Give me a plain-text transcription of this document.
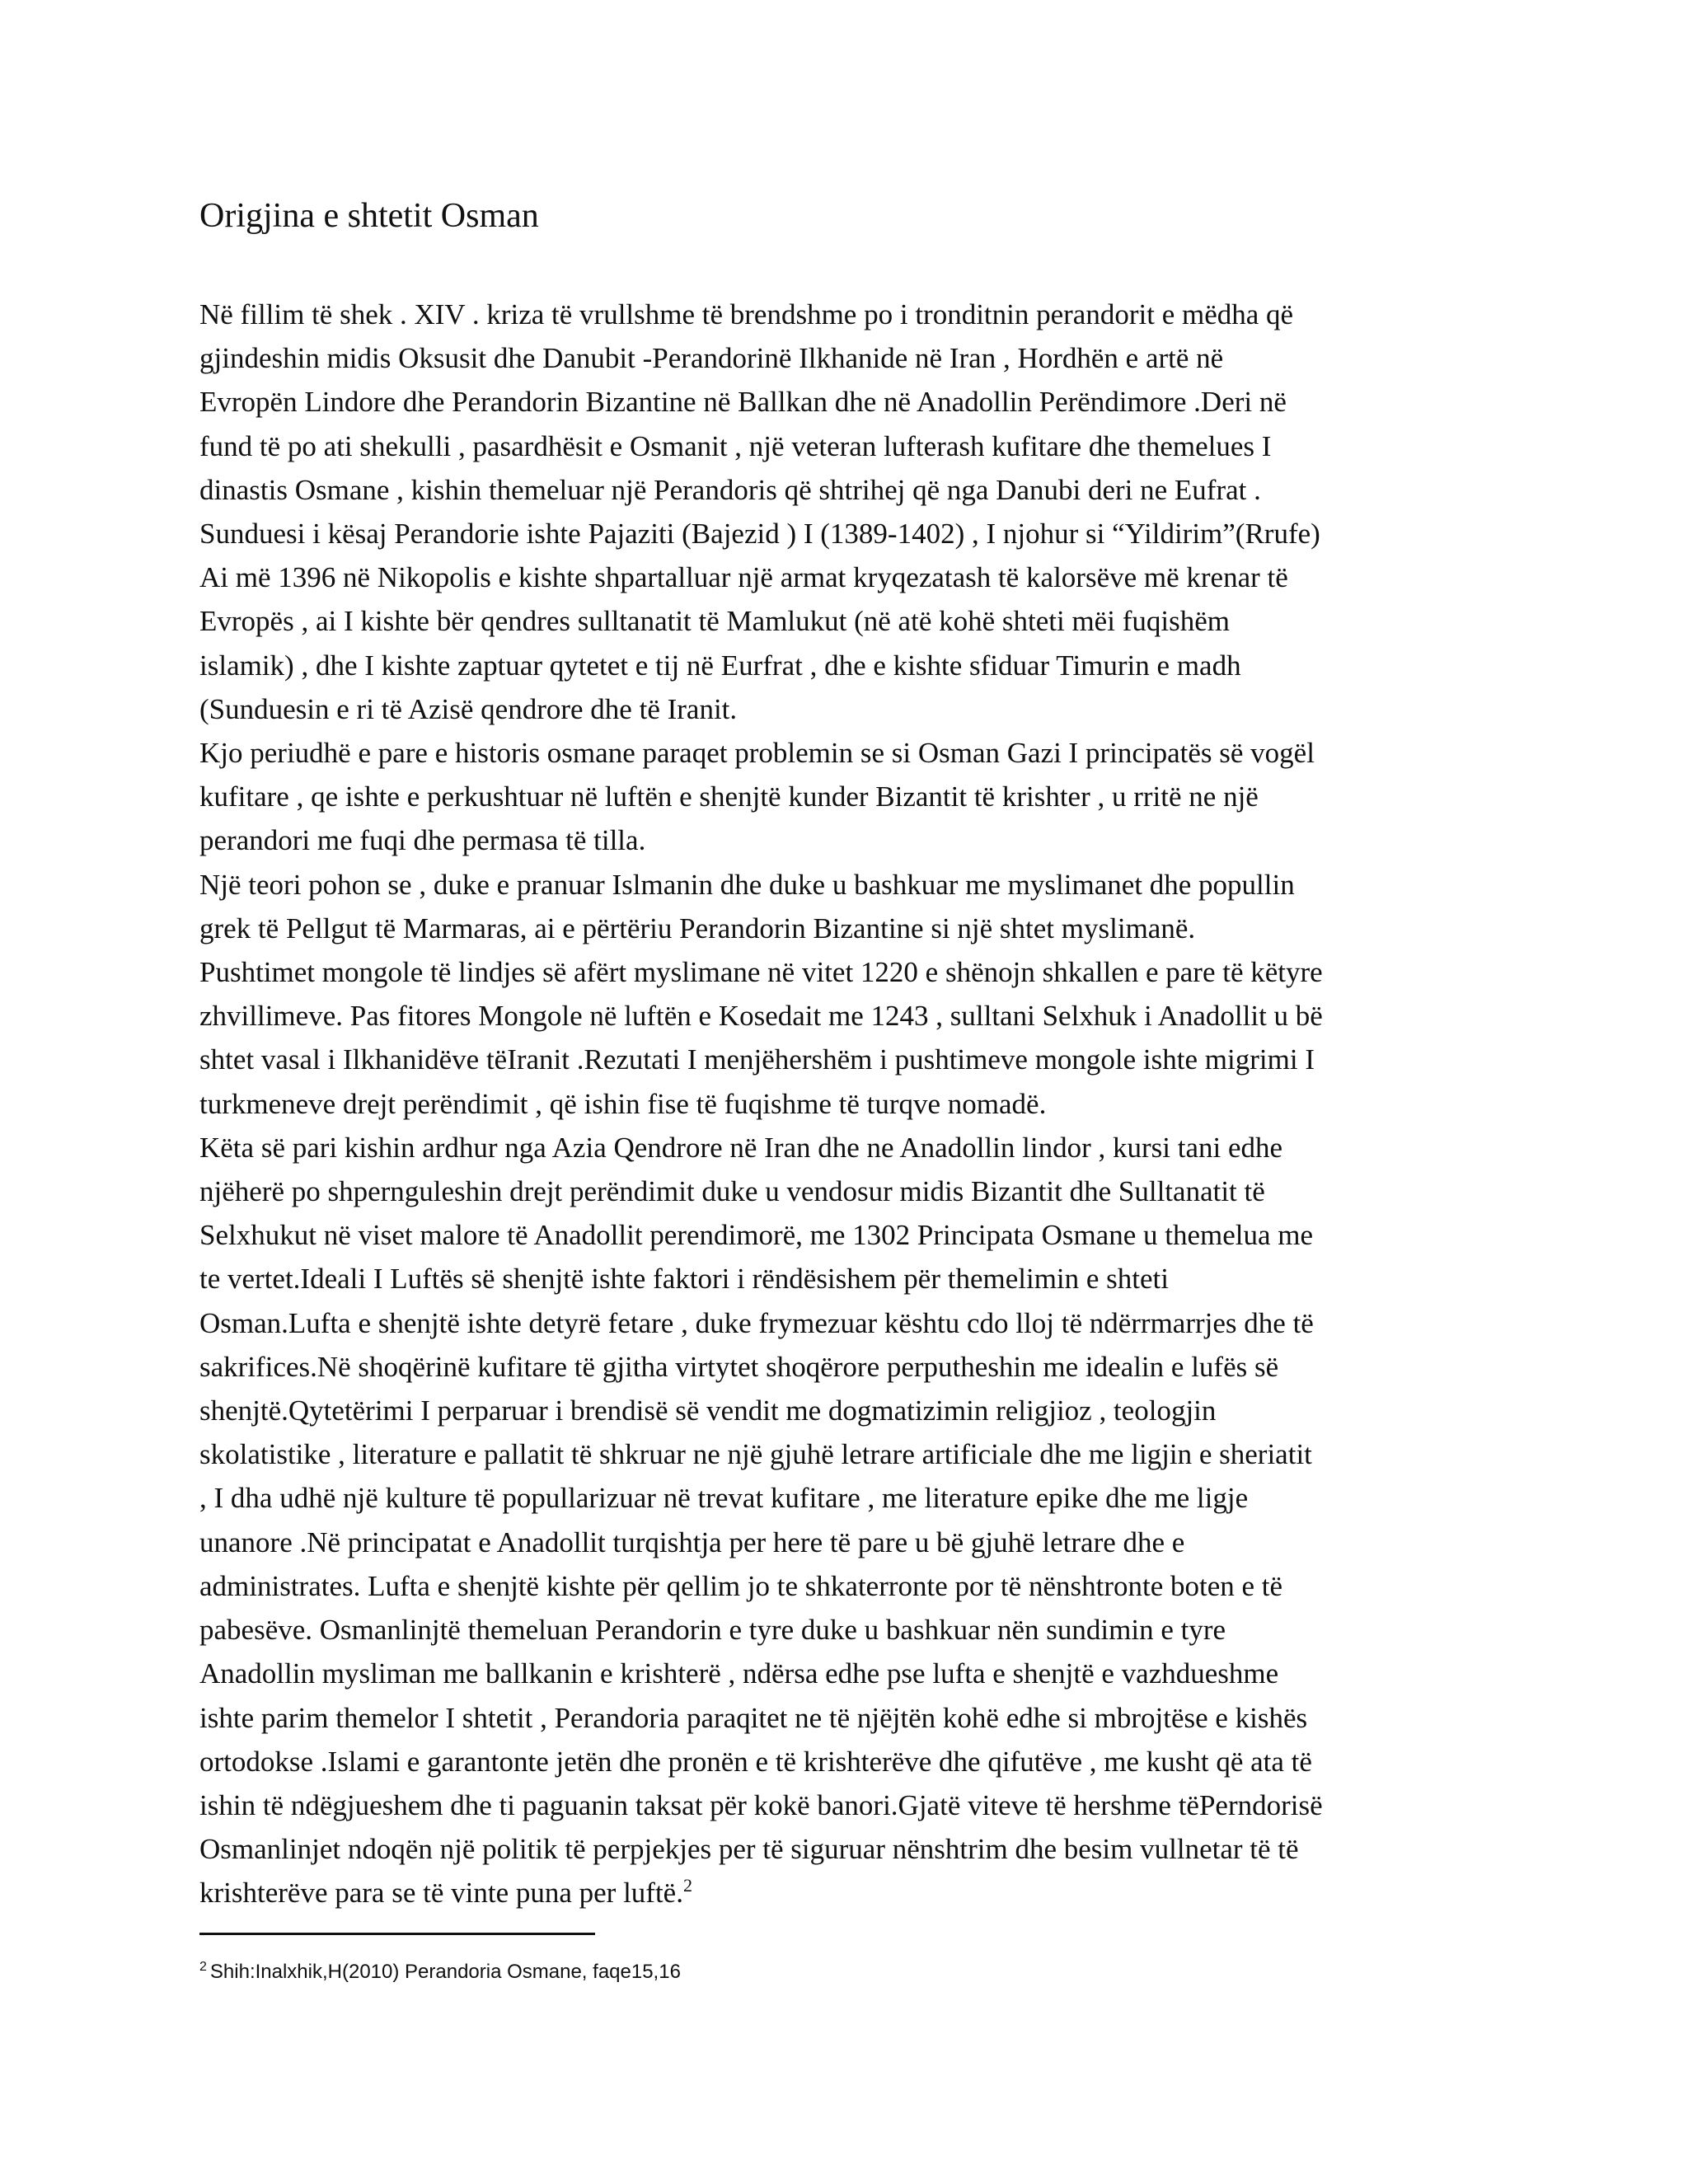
Origjina e shtetit Osman
Në fillim të shek . XIV . kriza të vrullshme të brendshme po i tronditnin perandorit e mëdha që
gjindeshin midis Oksusit dhe Danubit -Perandorinë Ilkhanide në Iran , Hordhën e artë në
Evropën Lindore dhe Perandorin Bizantine në Ballkan dhe në Anadollin Perëndimore .Deri në
fund të po ati shekulli , pasardhësit e Osmanit , një veteran lufterash kufitare dhe themelues I
dinastis Osmane , kishin themeluar një Perandoris që shtrihej që nga Danubi deri ne Eufrat .
Sunduesi i kësaj Perandorie ishte Pajaziti (Bajezid ) I (1389-1402) , I njohur si “Yildirim”(Rrufe)
Ai më 1396 në Nikopolis e kishte shpartalluar një armat kryqezatash të kalorsëve më krenar të
Evropës , ai I kishte bër qendres sulltanatit të Mamlukut (në atë kohë shteti mëi fuqishëm
islamik) , dhe I kishte zaptuar qytetet e tij në Eurfrat , dhe e kishte sfiduar Timurin e madh
(Sunduesin e ri të Azisë qendrore dhe të Iranit.
Kjo periudhë e pare e historis osmane paraqet problemin se si Osman Gazi I principatës së vogël
kufitare , qe ishte e perkushtuar në luftën e shenjtë kunder Bizantit të krishter , u rritë ne një
perandori me fuqi dhe permasa të tilla.
Një teori pohon se , duke e pranuar Islmanin dhe duke u bashkuar me myslimanet dhe popullin
grek të Pellgut të Marmaras, ai e përtëriu Perandorin Bizantine si një shtet myslimanë.
Pushtimet mongole të lindjes së afërt myslimane në vitet 1220 e shënojn shkallen e pare të këtyre
zhvillimeve. Pas fitores Mongole në luftën e Kosedait me 1243 , sulltani Selxhuk i Anadollit u bë
shtet vasal i Ilkhanidëve tëIranit .Rezutati I menjëhershëm i pushtimeve mongole ishte migrimi I
turkmeneve drejt perëndimit , që ishin fise të fuqishme të turqve nomadë.
Këta së pari kishin ardhur nga Azia Qendrore në Iran dhe ne Anadollin lindor , kursi tani edhe
njëherë po shpernguleshin drejt perëndimit duke u vendosur midis Bizantit dhe Sulltanatit të
Selxhukut në viset malore të Anadollit perendimorë, me 1302 Principata Osmane u themelua me
te vertet.Ideali I Luftës së shenjtë ishte faktori i rëndësishem për themelimin e shteti
Osman.Lufta e shenjtë ishte detyrë fetare , duke frymezuar kështu cdo lloj të ndërrmarrjes dhe të
sakrifices.Në shoqërinë kufitare të gjitha virtytet shoqërore perputheshin me idealin e lufës së
shenjtë.Qytetërimi I perparuar i brendisë së vendit me dogmatizimin religjioz , teologjin
skolatistike , literature e pallatit të shkruar ne një gjuhë letrare artificiale dhe me ligjin e sheriatit
, I dha udhë një kulture të popullarizuar në trevat kufitare , me literature epike dhe me ligje
unanore .Në principatat e Anadollit turqishtja per here të pare u bë gjuhë letrare dhe e
administrates. Lufta e shenjtë kishte për qellim jo te shkaterronte por të nënshtronte boten e të
pabesëve. Osmanlinjtë themeluan Perandorin e tyre duke u bashkuar nën sundimin e tyre
Anadollin mysliman me ballkanin e krishterë , ndërsa edhe pse lufta e shenjtë e vazhdueshme
ishte parim themelor I shtetit , Perandoria paraqitet ne të njëjtën kohë edhe si mbrojtëse e kishës
ortodokse .Islami e garantonte jetën dhe pronën e të krishterëve dhe qifutëve , me kusht që ata të
ishin të ndëgjueshem dhe ti paguanin taksat për kokë banori.Gjatë viteve të hershme tëPerndorisë
Osmanlinjet ndoqën një politik të perpjekjes per të siguruar nënshtrim dhe besim vullnetar të të
krishterëve para se të vinte puna per luftë.$^2$
$^2$ Shih:Inalxhik,H(2010) Perandoria Osmane, faqe15,16
